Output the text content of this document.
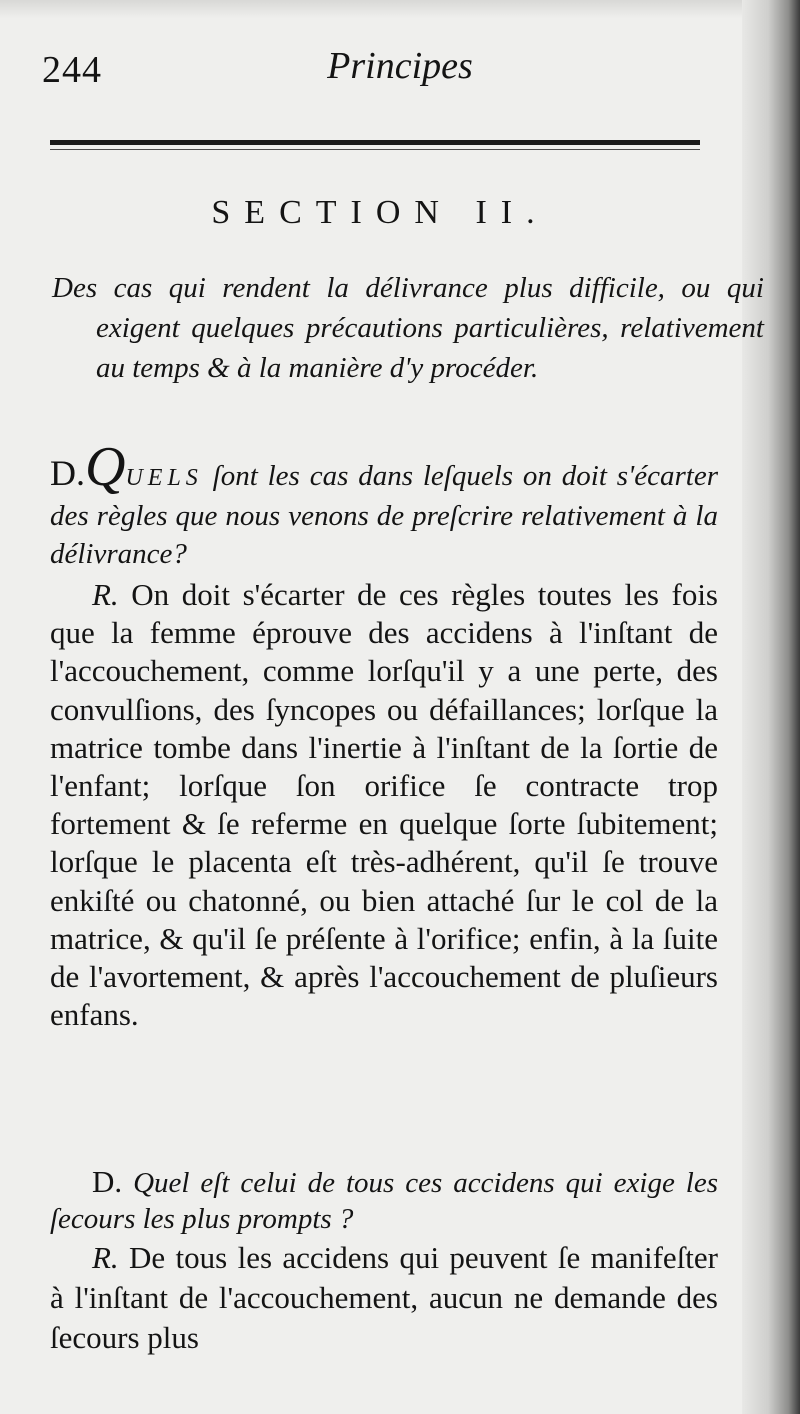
244	Principes
SECTION II.
Des cas qui rendent la délivrance plus difficile, ou qui exigent quelques précautions particulières, relativement au temps & à la manière d'y procéder.
D.QUELS ſont les cas dans leſquels on doit s'écarter des règles que nous venons de preſcrire relativement à la délivrance?
R. On doit s'écarter de ces règles toutes les fois que la femme éprouve des accidens à l'inſtant de l'accouchement, comme lorſqu'il y a une perte, des convulſions, des ſyncopes ou défaillances; lorſque la matrice tombe dans l'inertie à l'inſtant de la ſortie de l'enfant; lorſque ſon orifice ſe contracte trop fortement & ſe referme en quelque ſorte ſubitement; lorſque le placenta eſt très-adhérent, qu'il ſe trouve enkiſté ou chatonné, ou bien attaché ſur le col de la matrice, & qu'il ſe préſente à l'orifice; enfin, à la ſuite de l'avortement, & après l'accouchement de pluſieurs enfans.
D. Quel eſt celui de tous ces accidens qui exige les ſecours les plus prompts ?
R. De tous les accidens qui peuvent ſe manifeſter à l'inſtant de l'accouchement, aucun ne demande des ſecours plus
